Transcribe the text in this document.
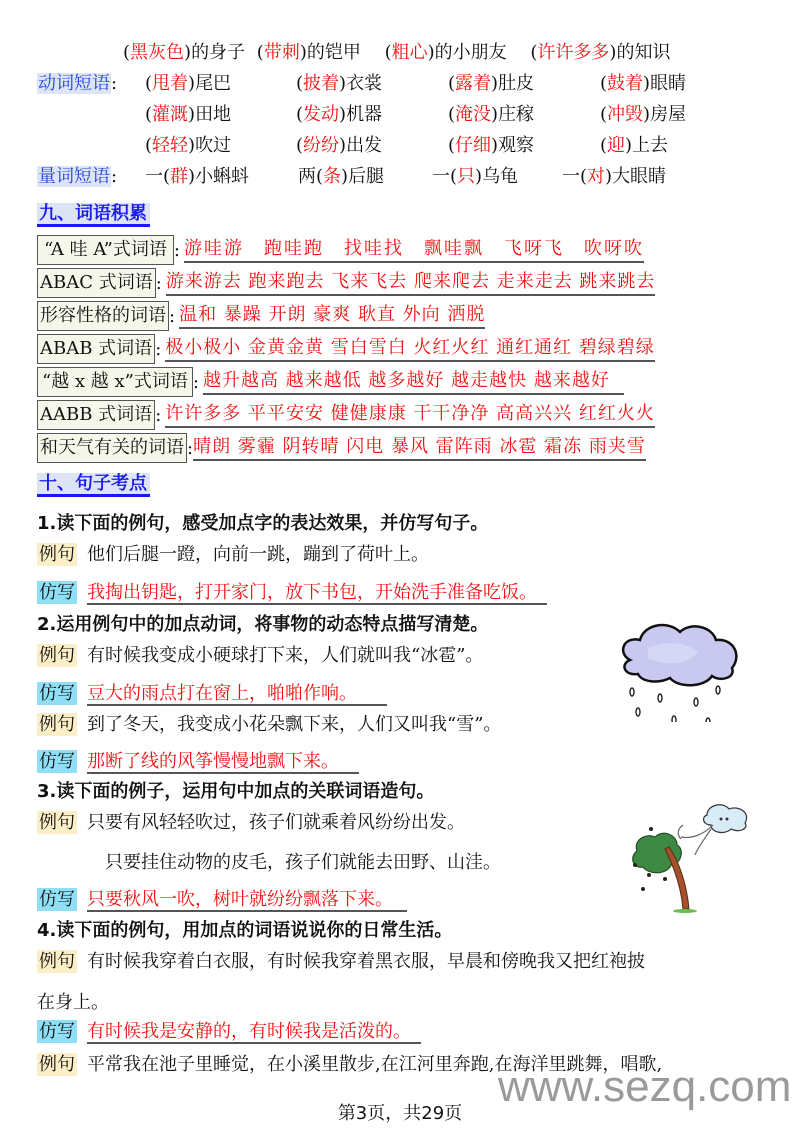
(黑灰色)的身子 (带刺)的铠甲 (粗心)的小朋友 (许许多多)的知识
动词短语: (甩着)尾巴	(披着)衣裳	(露着)肚皮	(鼓着)眼睛
(灌溉)田地	(发动)机器	(淹没)庄稼	(冲毁)房屋
(轻轻)吹过	(纷纷)出发	(仔细)观察	(迎)上去
量词短语: 一(群)小蝌蚪	两(条)后腿	一(只)乌龟 一(对)大眼睛
九、词语积累
“A 哇 A”式词语 : 游哇游　跑哇跑　找哇找　飘哇飘　飞呀飞　吹呀吹
ABAC 式词语 : 游来游去 跑来跑去 飞来飞去 爬来爬去 走来走去 跳来跳去
形容性格的词语 : 温和 暴躁 开朗 豪爽 耿直 外向 洒脱
ABAB 式词语 : 极小极小 金黄金黄 雪白雪白 火红火红 通红通红 碧绿碧绿
“越 x 越 x”式词语 : 越升越高 越来越低 越多越好 越走越快 越来越好
AABB 式词语 : 许许多多 平平安安 健健康康 干干净净 高高兴兴 红红火火
和天气有关的词语 : 晴朗 雾霾 阴转晴 闪电 暴风 雷阵雨 冰雹 霜冻 雨夹雪
十、句子考点
1.读下面的例句，感受加点字的表达效果，并仿写句子。
例句 他们后腿一蹬，向前一跳，蹦到了荷叶上。
仿写 我掏出钥匙，打开家门，放下书包，开始洗手准备吃饭。
2.运用例句中的加点动词，将事物的动态特点描写清楚。
例句 有时候我变成小硬球打下来，人们就叫我“冰雹”。
仿写 豆大的雨点打在窗上，啪啪作响。
例句 到了冬天，我变成小花朵飘下来，人们又叫我“雪”。
仿写 那断了线的风筝慢慢地飘下来。
3.读下面的例子，运用句中加点的关联词语造句。
例句 只要有风轻轻吹过，孩子们就乘着风纷纷出发。
只要挂住动物的皮毛，孩子们就能去田野、山洼。
仿写 只要秋风一吹，树叶就纷纷飘落下来。
4.读下面的例句，用加点的词语说说你的日常生活。
例句 有时候我穿着白衣服，有时候我穿着黑衣服，早晨和傍晚我又把红袍披
在身上。
仿写 有时候我是安静的，有时候我是活泼的。
例句 平常我在池子里睡觉，在小溪里散步,在江河里奔跑,在海洋里跳舞，唱歌,
www.sezq.com
第3页，共29页
